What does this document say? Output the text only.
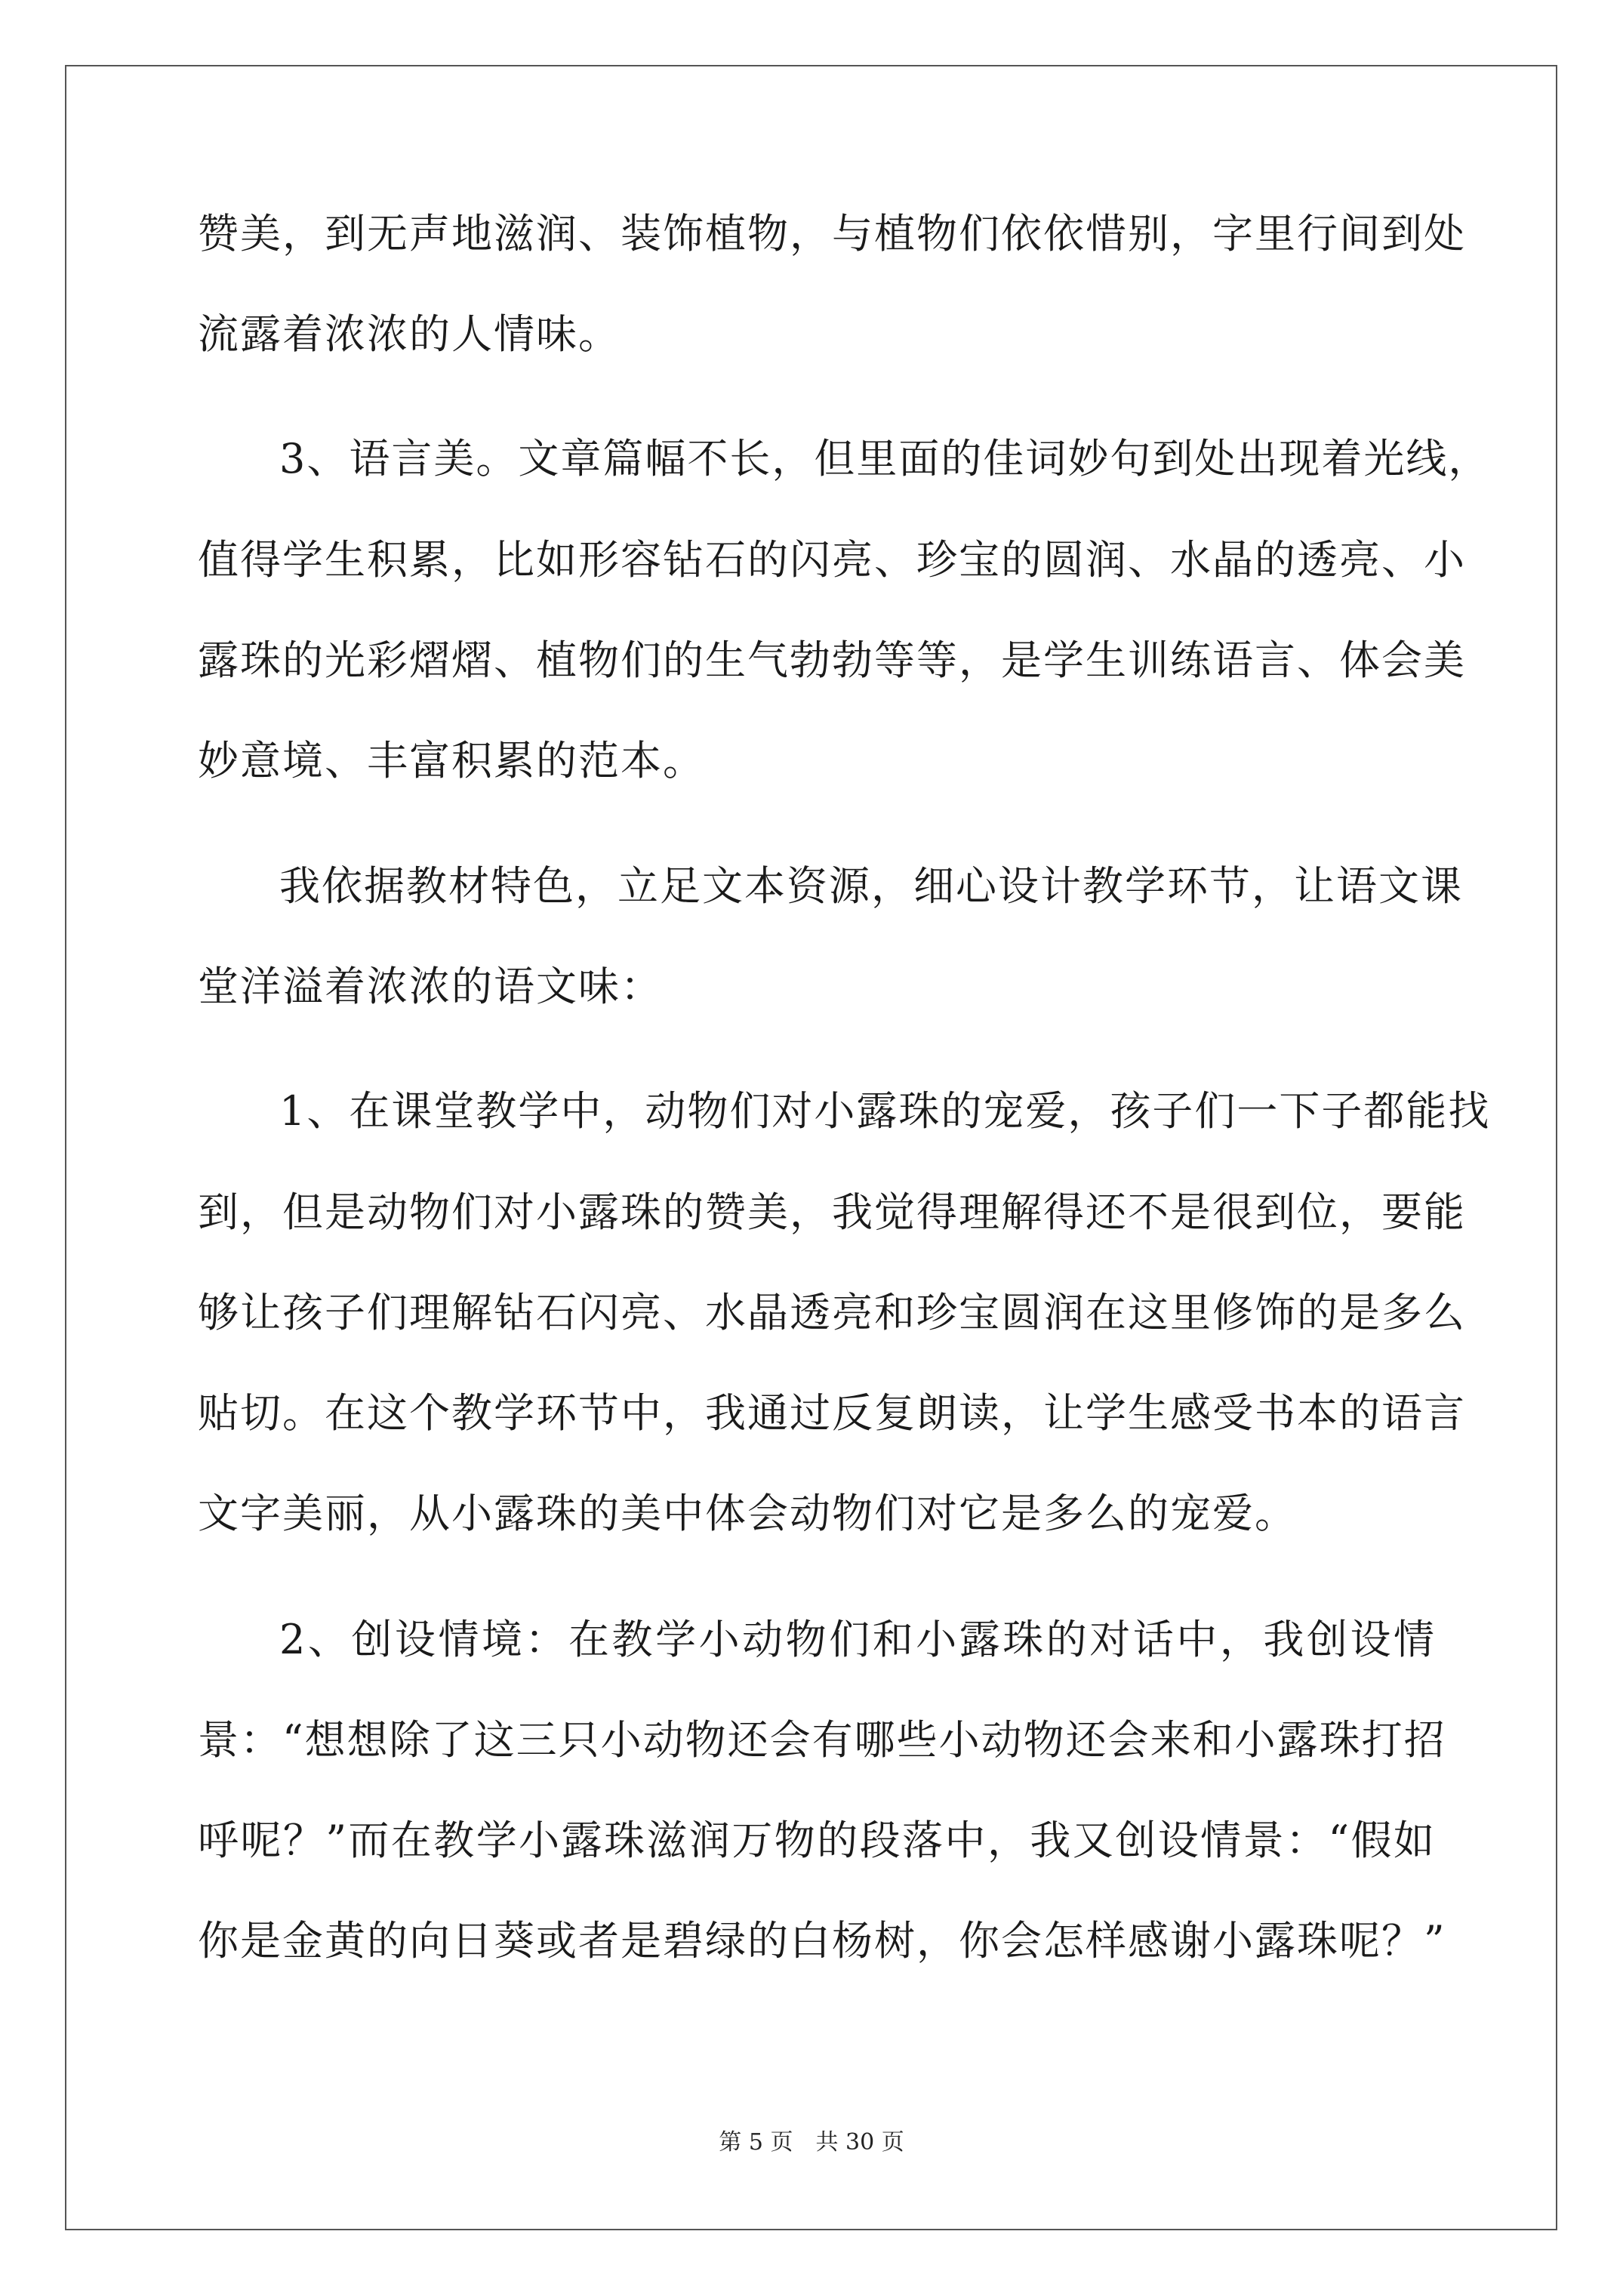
赞美，到无声地滋润、装饰植物，与植物们依依惜别，字里行间到处
流露着浓浓的人情味。
3、语言美。文章篇幅不长，但里面的佳词妙句到处出现着光线，
值得学生积累，比如形容钻石的闪亮、珍宝的圆润、水晶的透亮、小
露珠的光彩熠熠、植物们的生气勃勃等等，是学生训练语言、体会美
妙意境、丰富积累的范本。
我依据教材特色，立足文本资源，细心设计教学环节，让语文课
堂洋溢着浓浓的语文味：
1、在课堂教学中，动物们对小露珠的宠爱，孩子们一下子都能找
到，但是动物们对小露珠的赞美，我觉得理解得还不是很到位，要能
够让孩子们理解钻石闪亮、水晶透亮和珍宝圆润在这里修饰的是多么
贴切。在这个教学环节中，我通过反复朗读，让学生感受书本的语言
文字美丽，从小露珠的美中体会动物们对它是多么的宠爱。
2、创设情境：在教学小动物们和小露珠的对话中，我创设情
景：“想想除了这三只小动物还会有哪些小动物还会来和小露珠打招
呼呢？”而在教学小露珠滋润万物的段落中，我又创设情景：“假如
你是金黄的向日葵或者是碧绿的白杨树，你会怎样感谢小露珠呢？”
第 5 页　共 30 页
